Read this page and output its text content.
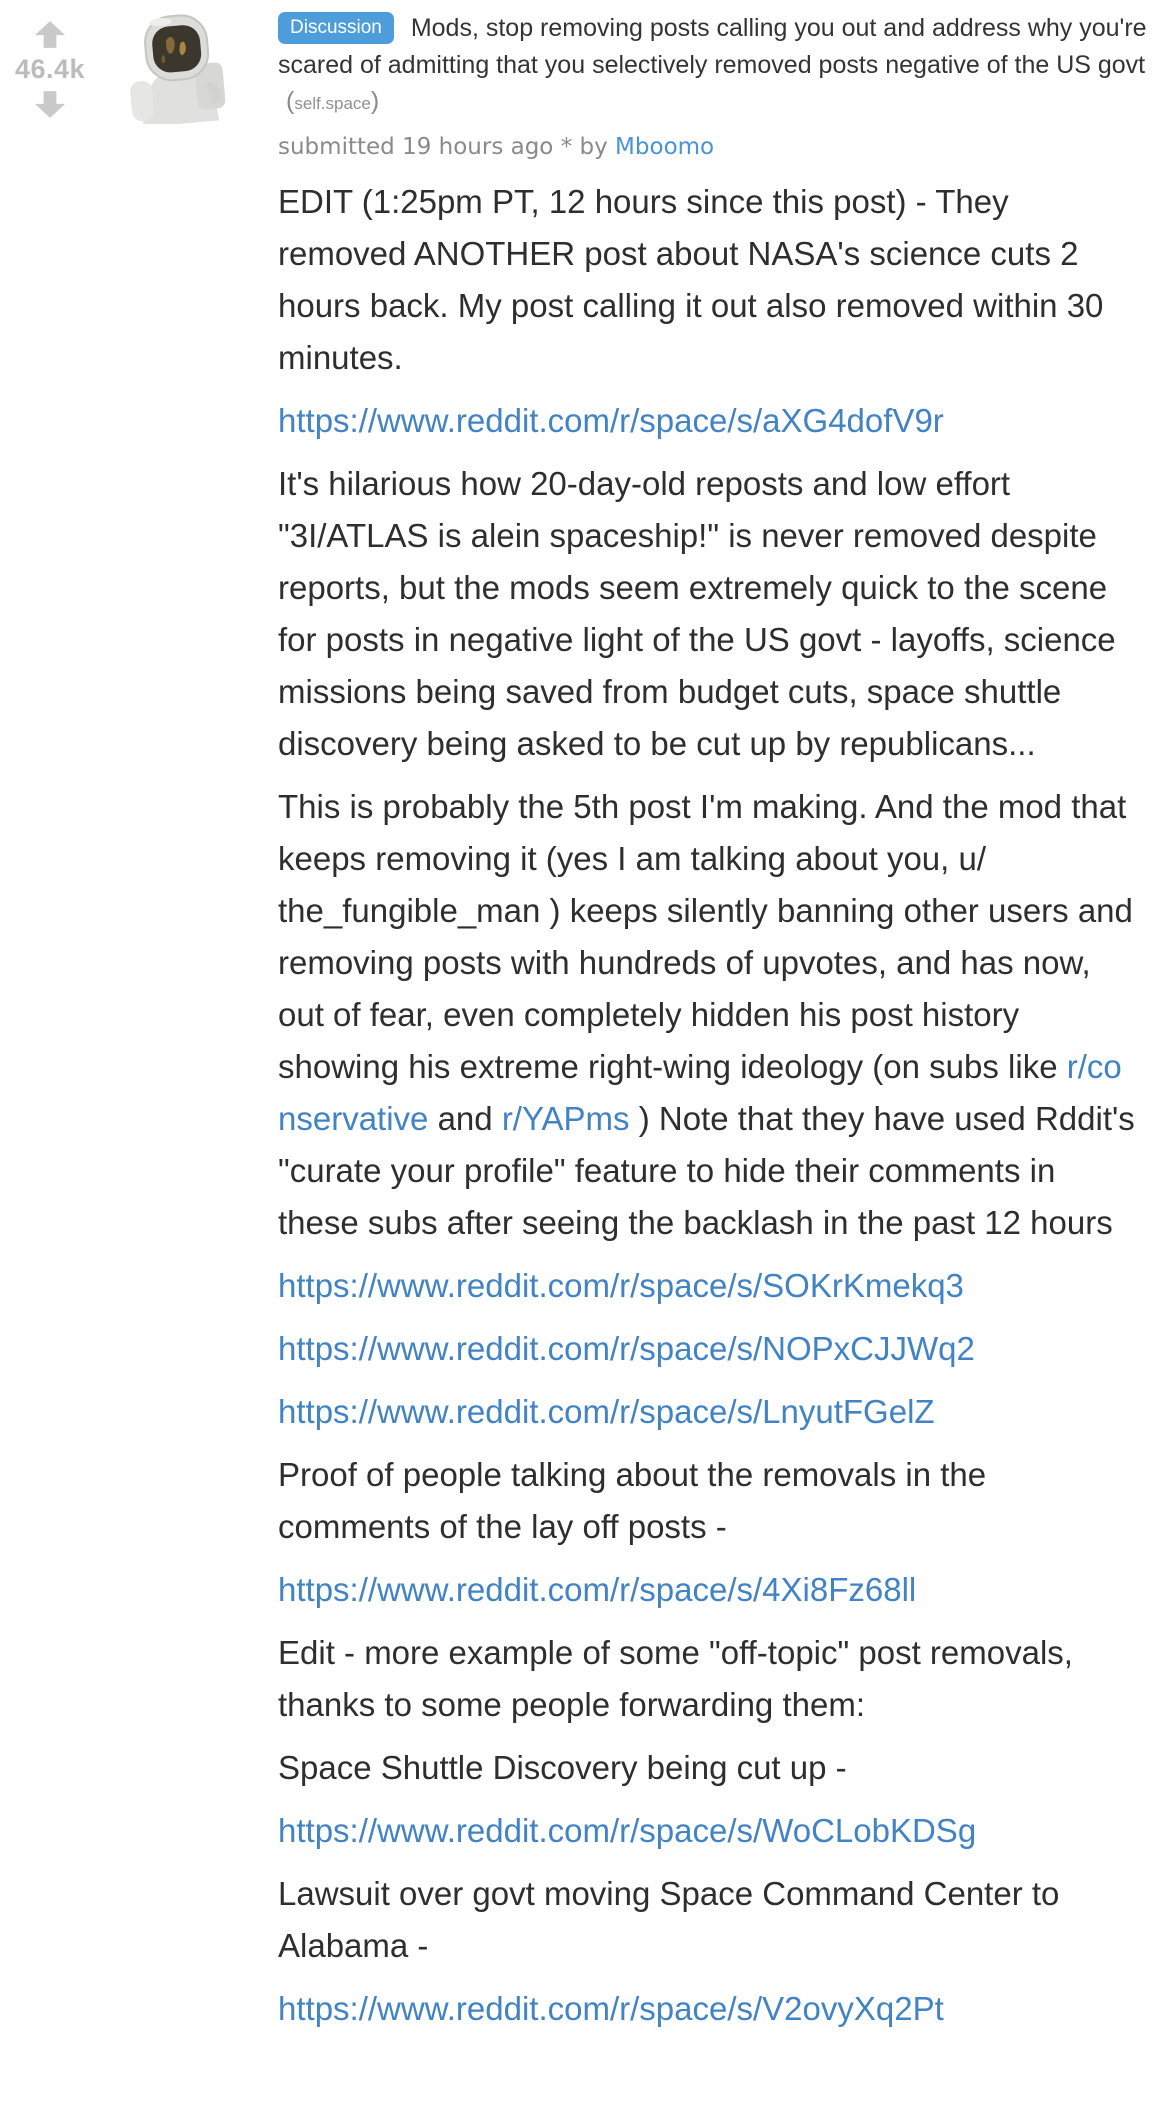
46.4k
Discussion Mods, stop removing posts calling you out and address why you're scared of admitting that you selectively removed posts negative of the US govt (self.space)
submitted 19 hours ago * by Mboomo

EDIT (1:25pm PT, 12 hours since this post) - They removed ANOTHER post about NASA's science cuts 2 hours back. My post calling it out also removed within 30 minutes.

https://www.reddit.com/r/space/s/aXG4dofV9r

It's hilarious how 20-day-old reposts and low effort "3I/ATLAS is alein spaceship!" is never removed despite reports, but the mods seem extremely quick to the scene for posts in negative light of the US govt - layoffs, science missions being saved from budget cuts, space shuttle discovery being asked to be cut up by republicans...

This is probably the 5th post I'm making. And the mod that keeps removing it (yes I am talking about you, u/ the_fungible_man ) keeps silently banning other users and removing posts with hundreds of upvotes, and has now, out of fear, even completely hidden his post history showing his extreme right-wing ideology (on subs like r/conservative and r/YAPms ) Note that they have used Rddit's "curate your profile" feature to hide their comments in these subs after seeing the backlash in the past 12 hours

https://www.reddit.com/r/space/s/SOKrKmekq3

https://www.reddit.com/r/space/s/NOPxCJJWq2

https://www.reddit.com/r/space/s/LnyutFGelZ

Proof of people talking about the removals in the comments of the lay off posts -

https://www.reddit.com/r/space/s/4Xi8Fz68ll

Edit - more example of some "off-topic" post removals, thanks to some people forwarding them:

Space Shuttle Discovery being cut up -

https://www.reddit.com/r/space/s/WoCLobKDSg

Lawsuit over govt moving Space Command Center to Alabama -

https://www.reddit.com/r/space/s/V2ovyXq2Pt
